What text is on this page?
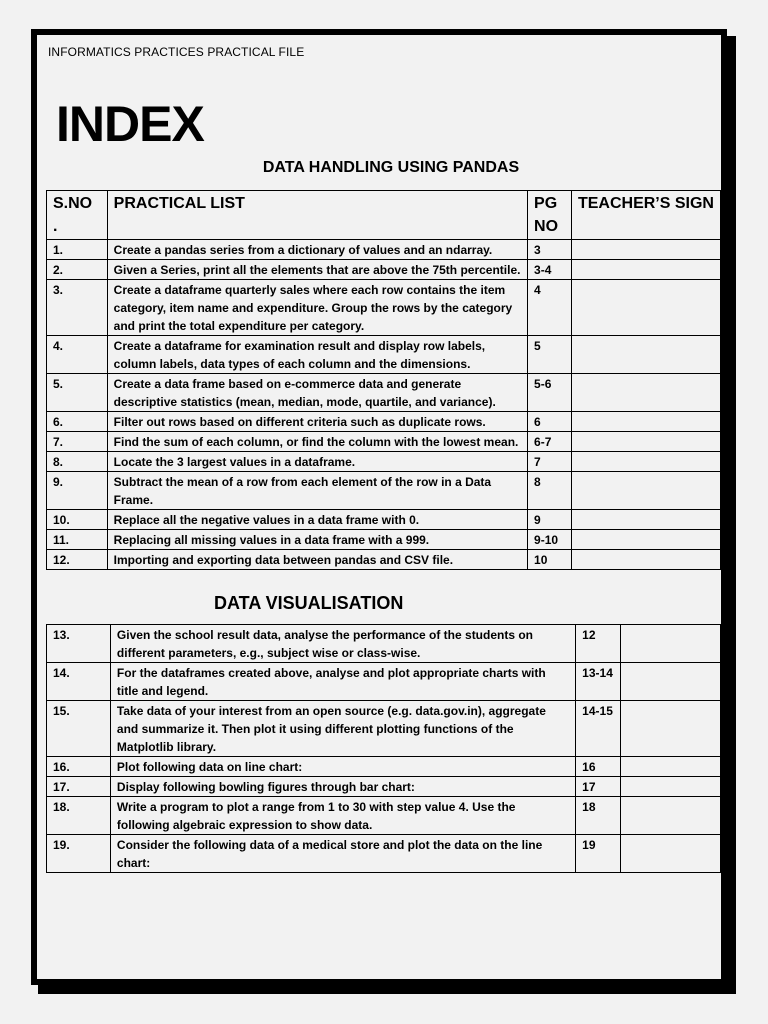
INFORMATICS PRACTICES PRACTICAL FILE
INDEX
DATA HANDLING USING PANDAS
S.NO .	PRACTICAL LIST	PG NO	TEACHER’S SIGN
1.	Create a pandas series from a dictionary of values and an ndarray.	3	
2.	Given a Series, print all the elements that are above the 75th percentile.	3-4	
3.	Create a dataframe quarterly sales where each row contains the item category, item name and expenditure. Group the rows by the category and print the total expenditure per category.	4	
4.	Create a dataframe for examination result and display row labels, column labels, data types of each column and the dimensions.	5	
5.	Create a data frame based on e-commerce data and generate descriptive statistics (mean, median, mode, quartile, and variance).	5-6	
6.	Filter out rows based on different criteria such as duplicate rows.	6	
7.	Find the sum of each column, or find the column with the lowest mean.	6-7	
8.	Locate the 3 largest values in a dataframe.	7	
9.	Subtract the mean of a row from each element of the row in a Data Frame.	8	
10.	Replace all the negative values in a data frame with 0.	9	
11.	Replacing all missing values in a data frame with a 999.	9-10	
12.	Importing and exporting data between pandas and CSV file.	10	
DATA VISUALISATION
13.	Given the school result data, analyse the performance of the students on different parameters, e.g., subject wise or class-wise.	12	
14.	For the dataframes created above, analyse and plot appropriate charts with title and legend.	13-14	
15.	Take data of your interest from an open source (e.g. data.gov.in), aggregate and summarize it. Then plot it using different plotting functions of the Matplotlib library.	14-15	
16.	Plot following data on line chart:	16	
17.	Display following bowling figures through bar chart:	17	
18.	Write a program to plot a range from 1 to 30 with step value 4. Use the following algebraic expression to show data.	18	
19.	Consider the following data of a medical store and plot the data on the line chart:	19	
